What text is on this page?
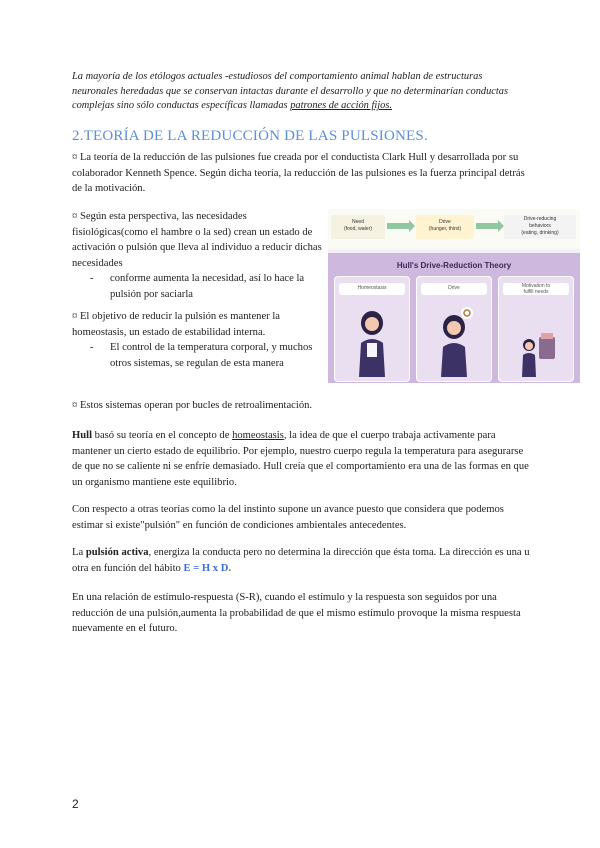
La mayoría de los etólogos actuales -estudiosos del comportamiento animal hablan de estructuras neuronales heredadas que se conservan intactas durante el desarrollo y que no determinarían conductas complejas sino sólo conductas específicas llamadas patrones de acción fijos.
2.TEORÍA DE LA REDUCCIÓN DE LAS PULSIONES.
¤ La teoría de la reducción de las pulsiones fue creada por el conductista Clark Hull y desarrollada por su colaborador Kenneth Spence. Según dicha teoría, la reducción de las pulsiones es la fuerza principal detrás de la motivación.
¤ Según esta perspectiva, las necesidades fisiológicas(como el hambre o la sed) crean un estado de activación o pulsión que lleva al individuo a reducir dichas necesidades
- conforme aumenta la necesidad, así lo hace la pulsión por saciarla
¤ El objetivo de reducir la pulsión es mantener la homeostasis, un estado de estabilidad interna.
- El control de la temperatura corporal, y muchos otros sistemas, se regulan de esta manera
¤ Estos sistemas operan por bucles de retroalimentación.
Hull basó su teoría en el concepto de homeostasis, la idea de que el cuerpo trabaja activamente para mantener un cierto estado de equilibrio. Por ejemplo, nuestro cuerpo regula la temperatura para asegurarse de que no se caliente ni se enfríe demasiado. Hull creía que el comportamiento era una de las formas en que un organismo mantiene este equilibrio.
Con respecto a otras teorías como la del instinto supone un avance puesto que considera que podemos estimar si existe"pulsión" en función de condiciones ambientales antecedentes.
La pulsión activa, energiza la conducta pero no determina la dirección que ésta toma. La dirección es una u otra en función del hábito E = H x D.
En una relación de estímulo-respuesta (S-R), cuando el estímulo y la respuesta son seguidos por una reducción de una pulsión,aumenta la probabilidad de que el mismo estímulo provoque la misma respuesta nuevamente en el futuro.
Need
(food, water)
Drive
(hunger, thirst)
Drive-reducing
behaviors
(eating, drinking)
Hull's Drive-Reduction Theory
Homeostasis	Drive	Motivation to
fulfill needs
2
